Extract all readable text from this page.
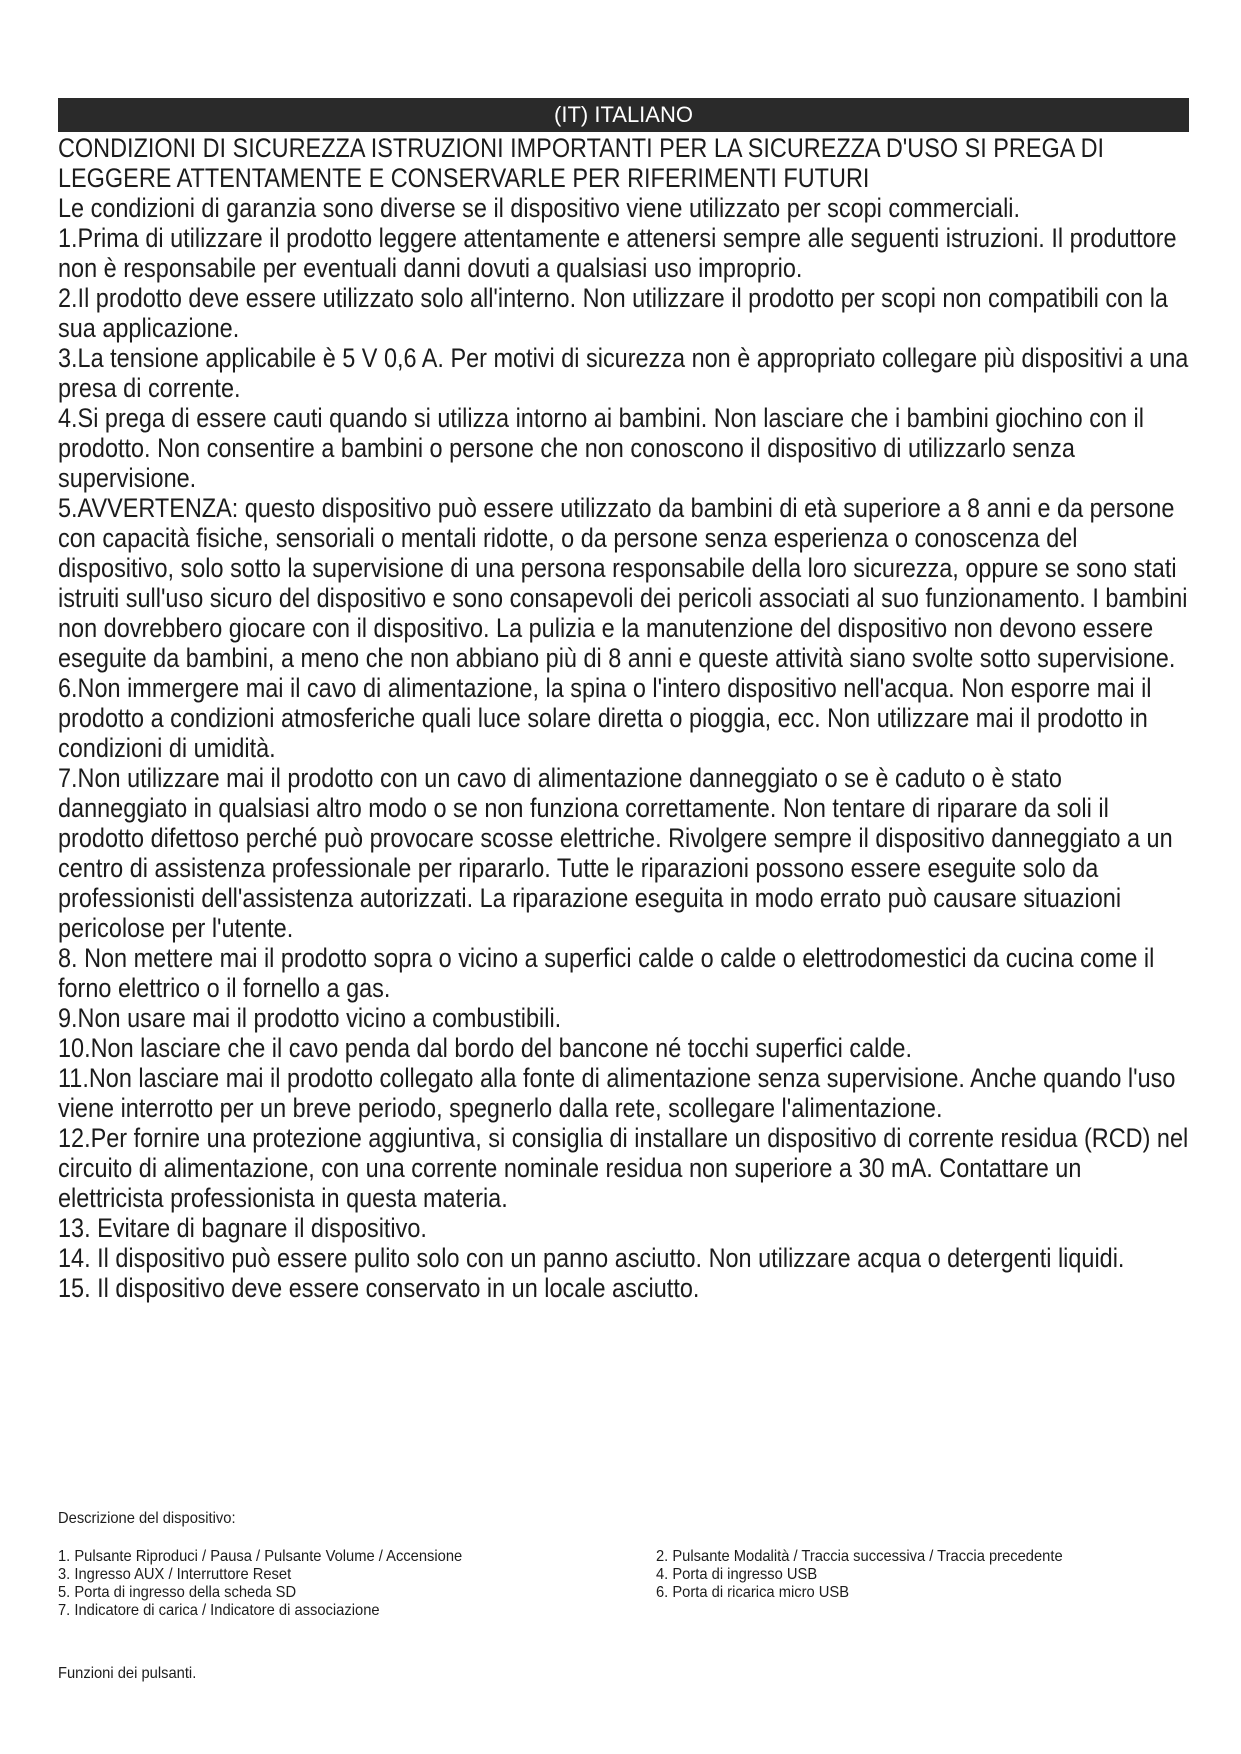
(IT) ITALIANO

CONDIZIONI DI SICUREZZA ISTRUZIONI IMPORTANTI PER LA SICUREZZA D'USO SI PREGA DI LEGGERE ATTENTAMENTE E CONSERVARLE PER RIFERIMENTI FUTURI

Le condizioni di garanzia sono diverse se il dispositivo viene utilizzato per scopi commerciali.

1.Prima di utilizzare il prodotto leggere attentamente e attenersi sempre alle seguenti istruzioni. Il produttore non è responsabile per eventuali danni dovuti a qualsiasi uso improprio.

2.Il prodotto deve essere utilizzato solo all'interno. Non utilizzare il prodotto per scopi non compatibili con la sua applicazione.

3.La tensione applicabile è 5 V 0,6 A. Per motivi di sicurezza non è appropriato collegare più dispositivi a una presa di corrente.

4.Si prega di essere cauti quando si utilizza intorno ai bambini. Non lasciare che i bambini giochino con il prodotto. Non consentire a bambini o persone che non conoscono il dispositivo di utilizzarlo senza supervisione.

5.AVVERTENZA: questo dispositivo può essere utilizzato da bambini di età superiore a 8 anni e da persone con capacità fisiche, sensoriali o mentali ridotte, o da persone senza esperienza o conoscenza del dispositivo, solo sotto la supervisione di una persona responsabile della loro sicurezza, oppure se sono stati istruiti sull'uso sicuro del dispositivo e sono consapevoli dei pericoli associati al suo funzionamento. I bambini non dovrebbero giocare con il dispositivo. La pulizia e la manutenzione del dispositivo non devono essere eseguite da bambini, a meno che non abbiano più di 8 anni e queste attività siano svolte sotto supervisione.

6.Non immergere mai il cavo di alimentazione, la spina o l'intero dispositivo nell'acqua. Non esporre mai il prodotto a condizioni atmosferiche quali luce solare diretta o pioggia, ecc. Non utilizzare mai il prodotto in condizioni di umidità.

7.Non utilizzare mai il prodotto con un cavo di alimentazione danneggiato o se è caduto o è stato danneggiato in qualsiasi altro modo o se non funziona correttamente. Non tentare di riparare da soli il prodotto difettoso perché può provocare scosse elettriche. Rivolgere sempre il dispositivo danneggiato a un centro di assistenza professionale per ripararlo. Tutte le riparazioni possono essere eseguite solo da professionisti dell'assistenza autorizzati. La riparazione eseguita in modo errato può causare situazioni pericolose per l'utente.

8. Non mettere mai il prodotto sopra o vicino a superfici calde o calde o elettrodomestici da cucina come il forno elettrico o il fornello a gas.

9.Non usare mai il prodotto vicino a combustibili.

10.Non lasciare che il cavo penda dal bordo del bancone né tocchi superfici calde.

11.Non lasciare mai il prodotto collegato alla fonte di alimentazione senza supervisione. Anche quando l'uso viene interrotto per un breve periodo, spegnerlo dalla rete, scollegare l'alimentazione.

12.Per fornire una protezione aggiuntiva, si consiglia di installare un dispositivo di corrente residua (RCD) nel circuito di alimentazione, con una corrente nominale residua non superiore a 30 mA. Contattare un elettricista professionista in questa materia.

13. Evitare di bagnare il dispositivo.

14. Il dispositivo può essere pulito solo con un panno asciutto. Non utilizzare acqua o detergenti liquidi.

15. Il dispositivo deve essere conservato in un locale asciutto.

Descrizione del dispositivo:
1. Pulsante Riproduci / Pausa / Pulsante Volume / Accensione
3. Ingresso AUX / Interruttore Reset
5. Porta di ingresso della scheda SD
7. Indicatore di carica / Indicatore di associazione
2. Pulsante Modalità / Traccia successiva / Traccia precedente
4. Porta di ingresso USB
6. Porta di ricarica micro USB
Funzioni dei pulsanti.
